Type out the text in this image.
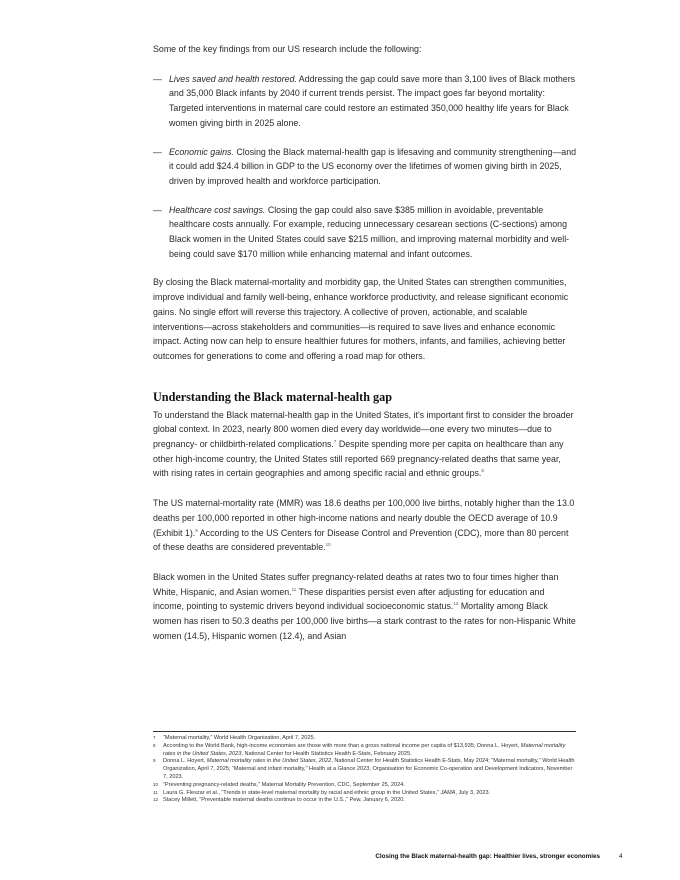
Some of the key findings from our US research include the following:

— Lives saved and health restored. Addressing the gap could save more than 3,100 lives of Black mothers and 35,000 Black infants by 2040 if current trends persist. The impact goes far beyond mortality: Targeted interventions in maternal care could restore an estimated 350,000 healthy life years for Black women giving birth in 2025 alone.
— Economic gains. Closing the Black maternal-health gap is lifesaving and community strengthening—and it could add $24.4 billion in GDP to the US economy over the lifetimes of women giving birth in 2025, driven by improved health and workforce participation.
— Healthcare cost savings. Closing the gap could also save $385 million in avoidable, preventable healthcare costs annually. For example, reducing unnecessary cesarean sections (C-sections) among Black women in the United States could save $215 million, and improving maternal morbidity and well-being could save $170 million while enhancing maternal and infant outcomes.

By closing the Black maternal-mortality and morbidity gap, the United States can strengthen communities, improve individual and family well-being, enhance workforce productivity, and release significant economic gains. No single effort will reverse this trajectory. A collective of proven, actionable, and scalable interventions—across stakeholders and communities—is required to save lives and enhance economic impact. Acting now can help to ensure healthier futures for mothers, infants, and families, achieving better outcomes for generations to come and offering a road map for others.

Understanding the Black maternal-health gap

To understand the Black maternal-health gap in the United States, it's important first to consider the broader global context. In 2023, nearly 800 women died every day worldwide—one every two minutes—due to pregnancy- or childbirth-related complications.$^7$ Despite spending more per capita on healthcare than any other high-income country, the United States still reported 669 pregnancy-related deaths that same year, with rising rates in certain geographies and among specific racial and ethnic groups.$^8$

The US maternal-mortality rate (MMR) was 18.6 deaths per 100,000 live births, notably higher than the 13.0 deaths per 100,000 reported in other high-income nations and nearly double the OECD average of 10.9 (Exhibit 1).$^9$ According to the US Centers for Disease Control and Prevention (CDC), more than 80 percent of these deaths are considered preventable.$^{10}$

Black women in the United States suffer pregnancy-related deaths at rates two to four times higher than White, Hispanic, and Asian women.$^{11}$ These disparities persist even after adjusting for education and income, pointing to systemic drivers beyond individual socioeconomic status.$^{12}$ Mortality among Black women has risen to 50.3 deaths per 100,000 live births—a stark contrast to the rates for non-Hispanic White women (14.5), Hispanic women (12.4), and Asian

7 “Maternal mortality,” World Health Organization, April 7, 2025.
8 According to the World Bank, high-income economies are those with more than a gross national income per capita of $13,935; Donna L. Hoyert, Maternal mortality rates in the United States, 2023, National Center for Health Statistics Health E-Stats, February 2025.
9 Donna L. Hoyert, Maternal mortality rates in the United States, 2022, National Center for Health Statistics Health E-Stats, May 2024; “Maternal mortality,” World Health Organization, April 7, 2025; “Maternal and infant mortality,” Health at a Glance 2023, Organisation for Economic Co-operation and Development Indicators, November 7, 2023.
10 “Preventing pregnancy-related deaths,” Maternal Mortality Prevention, CDC, September 25, 2024.
11 Laura G. Fleszar et al., “Trends in state-level maternal mortality by racial and ethnic group in the United States,” JAMA, July 3, 2023.
12 Stacey Millett, “Preventable maternal deaths continue to occur in the U.S.,” Pew, January 6, 2020.
Closing the Black maternal-health gap: Healthier lives, stronger economies	4
